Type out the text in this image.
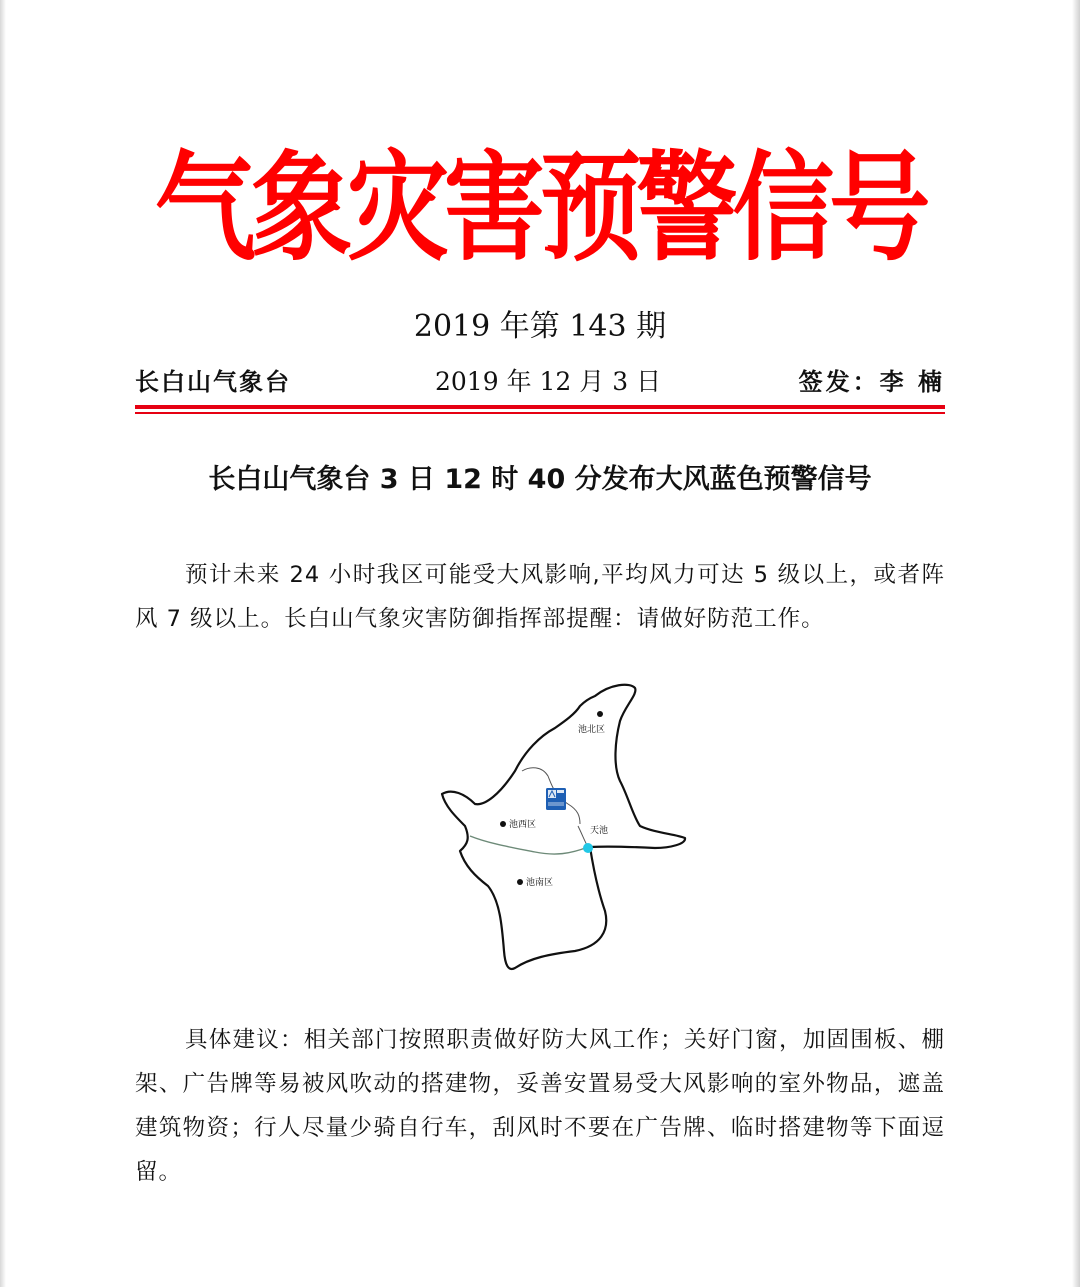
气象灾害预警信号
2019 年第 143 期
长白山气象台	2019 年 12 月 3 日	签发：李 楠
长白山气象台 3 日 12 时 40 分发布大风蓝色预警信号
预计未来 24 小时我区可能受大风影响,平均风力可达 5 级以上，或者阵风 7 级以上。长白山气象灾害防御指挥部提醒：请做好防范工作。
池北区
池西区
池南区
天池
具体建议：相关部门按照职责做好防大风工作；关好门窗，加固围板、棚架、广告牌等易被风吹动的搭建物，妥善安置易受大风影响的室外物品，遮盖建筑物资；行人尽量少骑自行车，刮风时不要在广告牌、临时搭建物等下面逗留。
